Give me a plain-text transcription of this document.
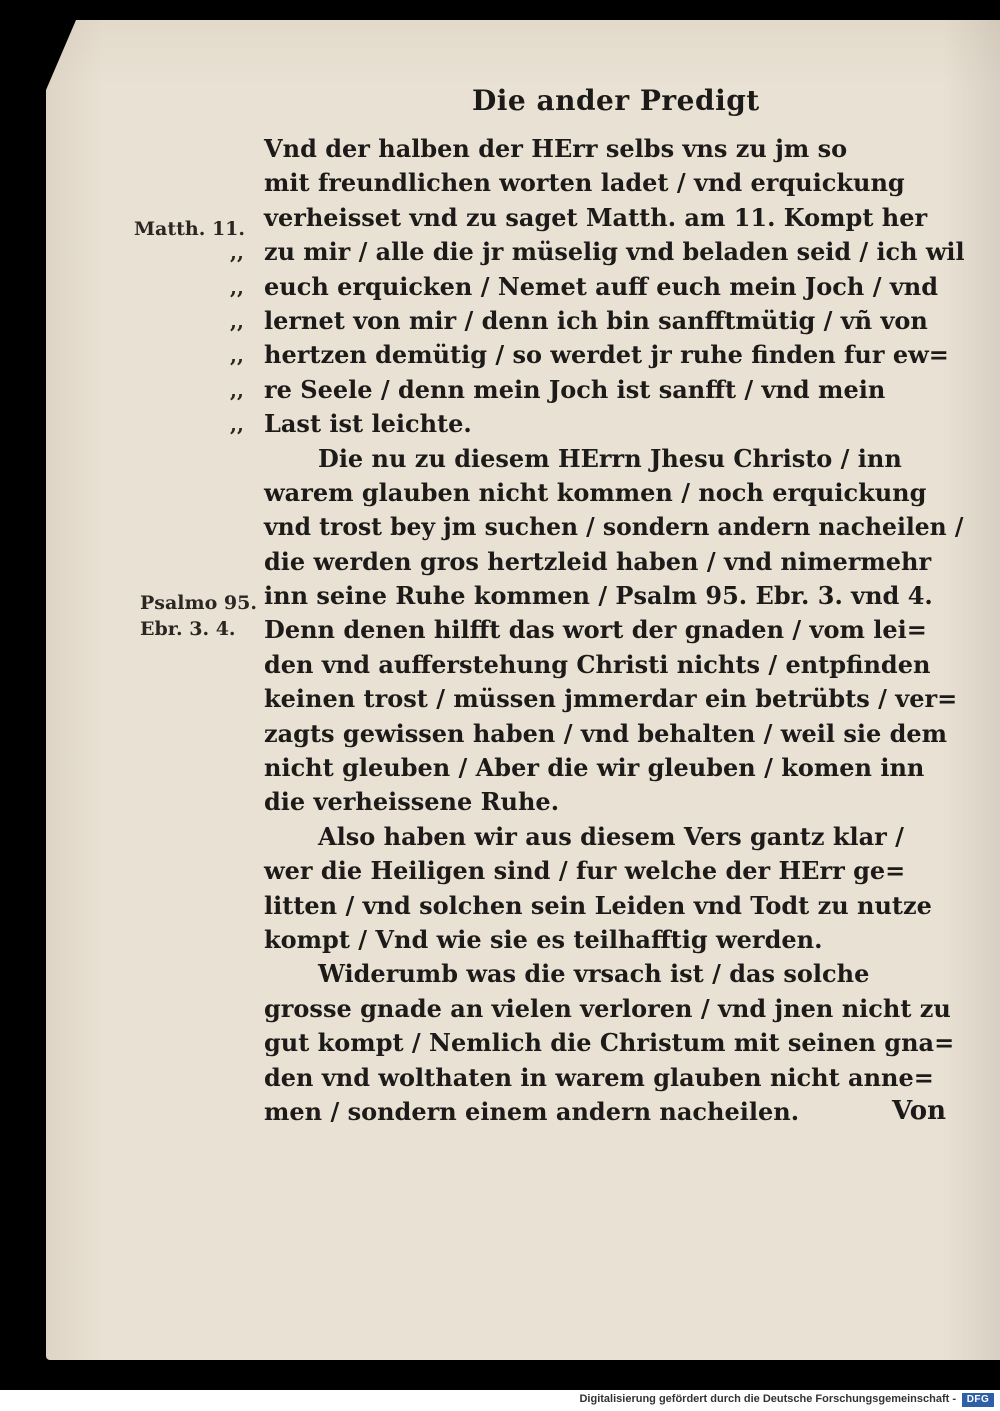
Die ander Predigt
Matth. 11.
Psalmo 95.
Ebr. 3. 4.
Vnd der halben der HErr selbs vns zu jm so
mit freundlichen worten ladet / vnd erquickung
verheisset vnd zu saget Matth. am 11. Kompt her
,, zu mir / alle die jr müselig vnd beladen seid / ich wil
,, euch erquicken / Nemet auff euch mein Joch / vnd
,, lernet von mir / denn ich bin sanfftmütig / vñ von
,, hertzen demütig / so werdet jr ruhe finden fur ew=
,, re Seele / denn mein Joch ist sanfft / vnd mein
,, Last ist leichte.
Die nu zu diesem HErrn Jhesu Christo / inn
warem glauben nicht kommen / noch erquickung
vnd trost bey jm suchen / sondern andern nacheilen /
die werden gros hertzleid haben / vnd nimermehr
inn seine Ruhe kommen / Psalm 95. Ebr. 3. vnd 4.
Denn denen hilfft das wort der gnaden / vom lei=
den vnd aufferstehung Christi nichts / entpfinden
keinen trost / müssen jmmerdar ein betrübts / ver=
zagts gewissen haben / vnd behalten / weil sie dem
nicht gleuben / Aber die wir gleuben / komen inn
die verheissene Ruhe.
Also haben wir aus diesem Vers gantz klar /
wer die Heiligen sind / fur welche der HErr ge=
litten / vnd solchen sein Leiden vnd Todt zu nutze
kompt / Vnd wie sie es teilhafftig werden.
Widerumb was die vrsach ist / das solche
grosse gnade an vielen verloren / vnd jnen nicht zu
gut kompt / Nemlich die Christum mit seinen gna=
den vnd wolthaten in warem glauben nicht anne=
men / sondern einem andern nacheilen.	Von
Digitalisierung gefördert durch die Deutsche Forschungsgemeinschaft -	DFG
